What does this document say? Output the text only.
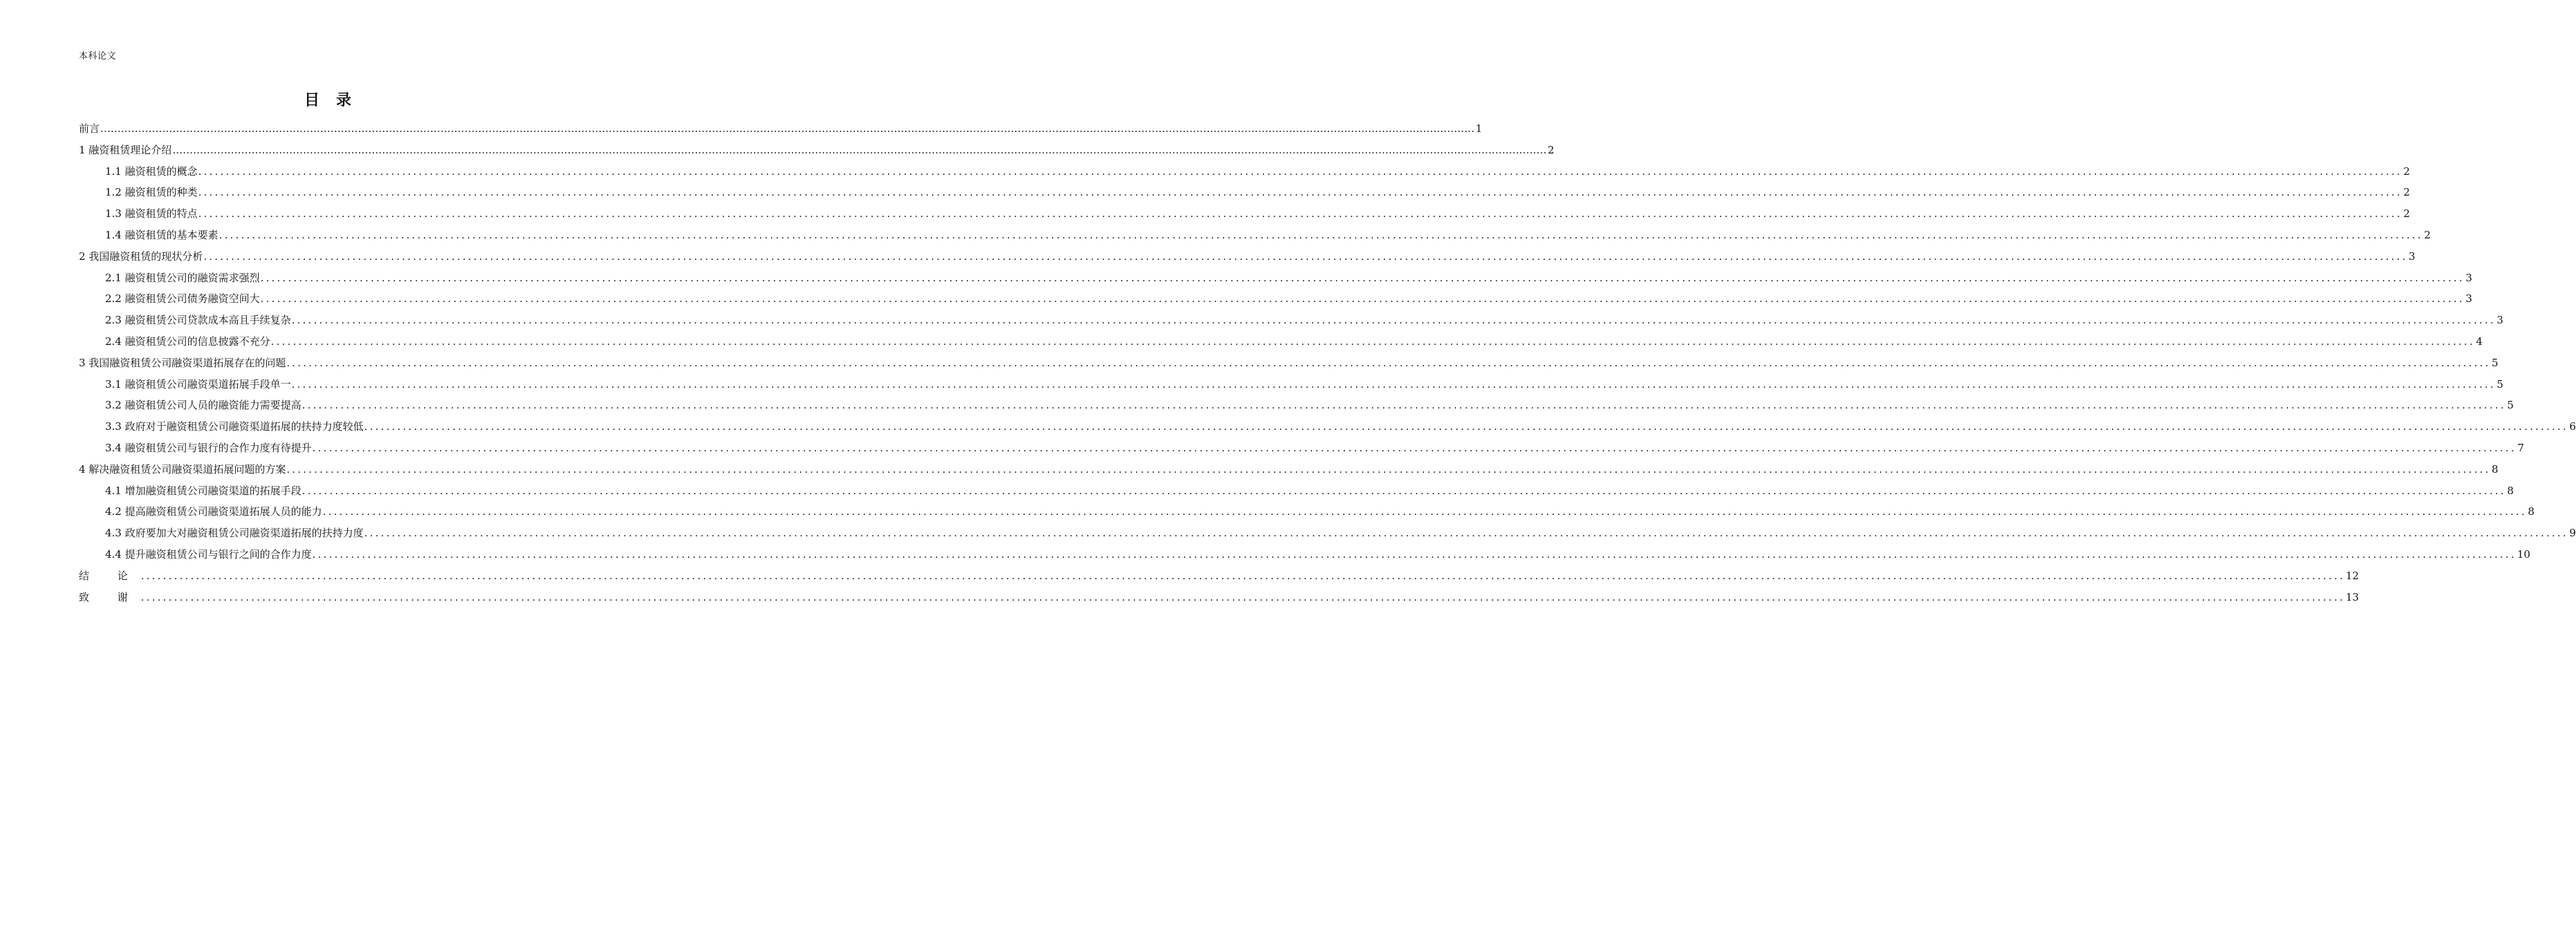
本科论文
目 录
前言 ................................................................................................................................................................................................................................................................................................................................................................................................................ 1
1 融资租赁理论介绍 ................................................................................................................................................................................................................................................................................................................................................................................................................ 2
1.1 融资租赁的概念 ................................................................................................................................................................................................................................................................................................................................................................................................................ 2
1.2 融资租赁的种类 ................................................................................................................................................................................................................................................................................................................................................................................................................ 2
1.3 融资租赁的特点 ................................................................................................................................................................................................................................................................................................................................................................................................................ 2
1.4 融资租赁的基本要素 ................................................................................................................................................................................................................................................................................................................................................................................................................ 2
2 我国融资租赁的现状分析 ................................................................................................................................................................................................................................................................................................................................................................................................................ 3
2.1 融资租赁公司的融资需求强烈 ................................................................................................................................................................................................................................................................................................................................................................................................................ 3
2.2 融资租赁公司债务融资空间大 ................................................................................................................................................................................................................................................................................................................................................................................................................ 3
2.3 融资租赁公司贷款成本高且手续复杂 ................................................................................................................................................................................................................................................................................................................................................................................................................ 3
2.4 融资租赁公司的信息披露不充分 ................................................................................................................................................................................................................................................................................................................................................................................................................ 4
3 我国融资租赁公司融资渠道拓展存在的问题 ................................................................................................................................................................................................................................................................................................................................................................................................................ 5
3.1 融资租赁公司融资渠道拓展手段单一 ................................................................................................................................................................................................................................................................................................................................................................................................................ 5
3.2 融资租赁公司人员的融资能力需要提高 ................................................................................................................................................................................................................................................................................................................................................................................................................ 5
3.3 政府对于融资租赁公司融资渠道拓展的扶持力度较低 ................................................................................................................................................................................................................................................................................................................................................................................................................ 6
3.4 融资租赁公司与银行的合作力度有待提升 ................................................................................................................................................................................................................................................................................................................................................................................................................ 7
4 解决融资租赁公司融资渠道拓展问题的方案 ................................................................................................................................................................................................................................................................................................................................................................................................................ 8
4.1 增加融资租赁公司融资渠道的拓展手段 ................................................................................................................................................................................................................................................................................................................................................................................................................ 8
4.2 提高融资租赁公司融资渠道拓展人员的能力 ................................................................................................................................................................................................................................................................................................................................................................................................................ 8
4.3 政府要加大对融资租赁公司融资渠道拓展的扶持力度 ................................................................................................................................................................................................................................................................................................................................................................................................................ 9
4.4 提升融资租赁公司与银行之间的合作力度 ................................................................................................................................................................................................................................................................................................................................................................................................................ 10
结 论 ................................................................................................................................................................................................................................................................................................................................................................................................................ 12
致 谢 ................................................................................................................................................................................................................................................................................................................................................................................................................ 13
